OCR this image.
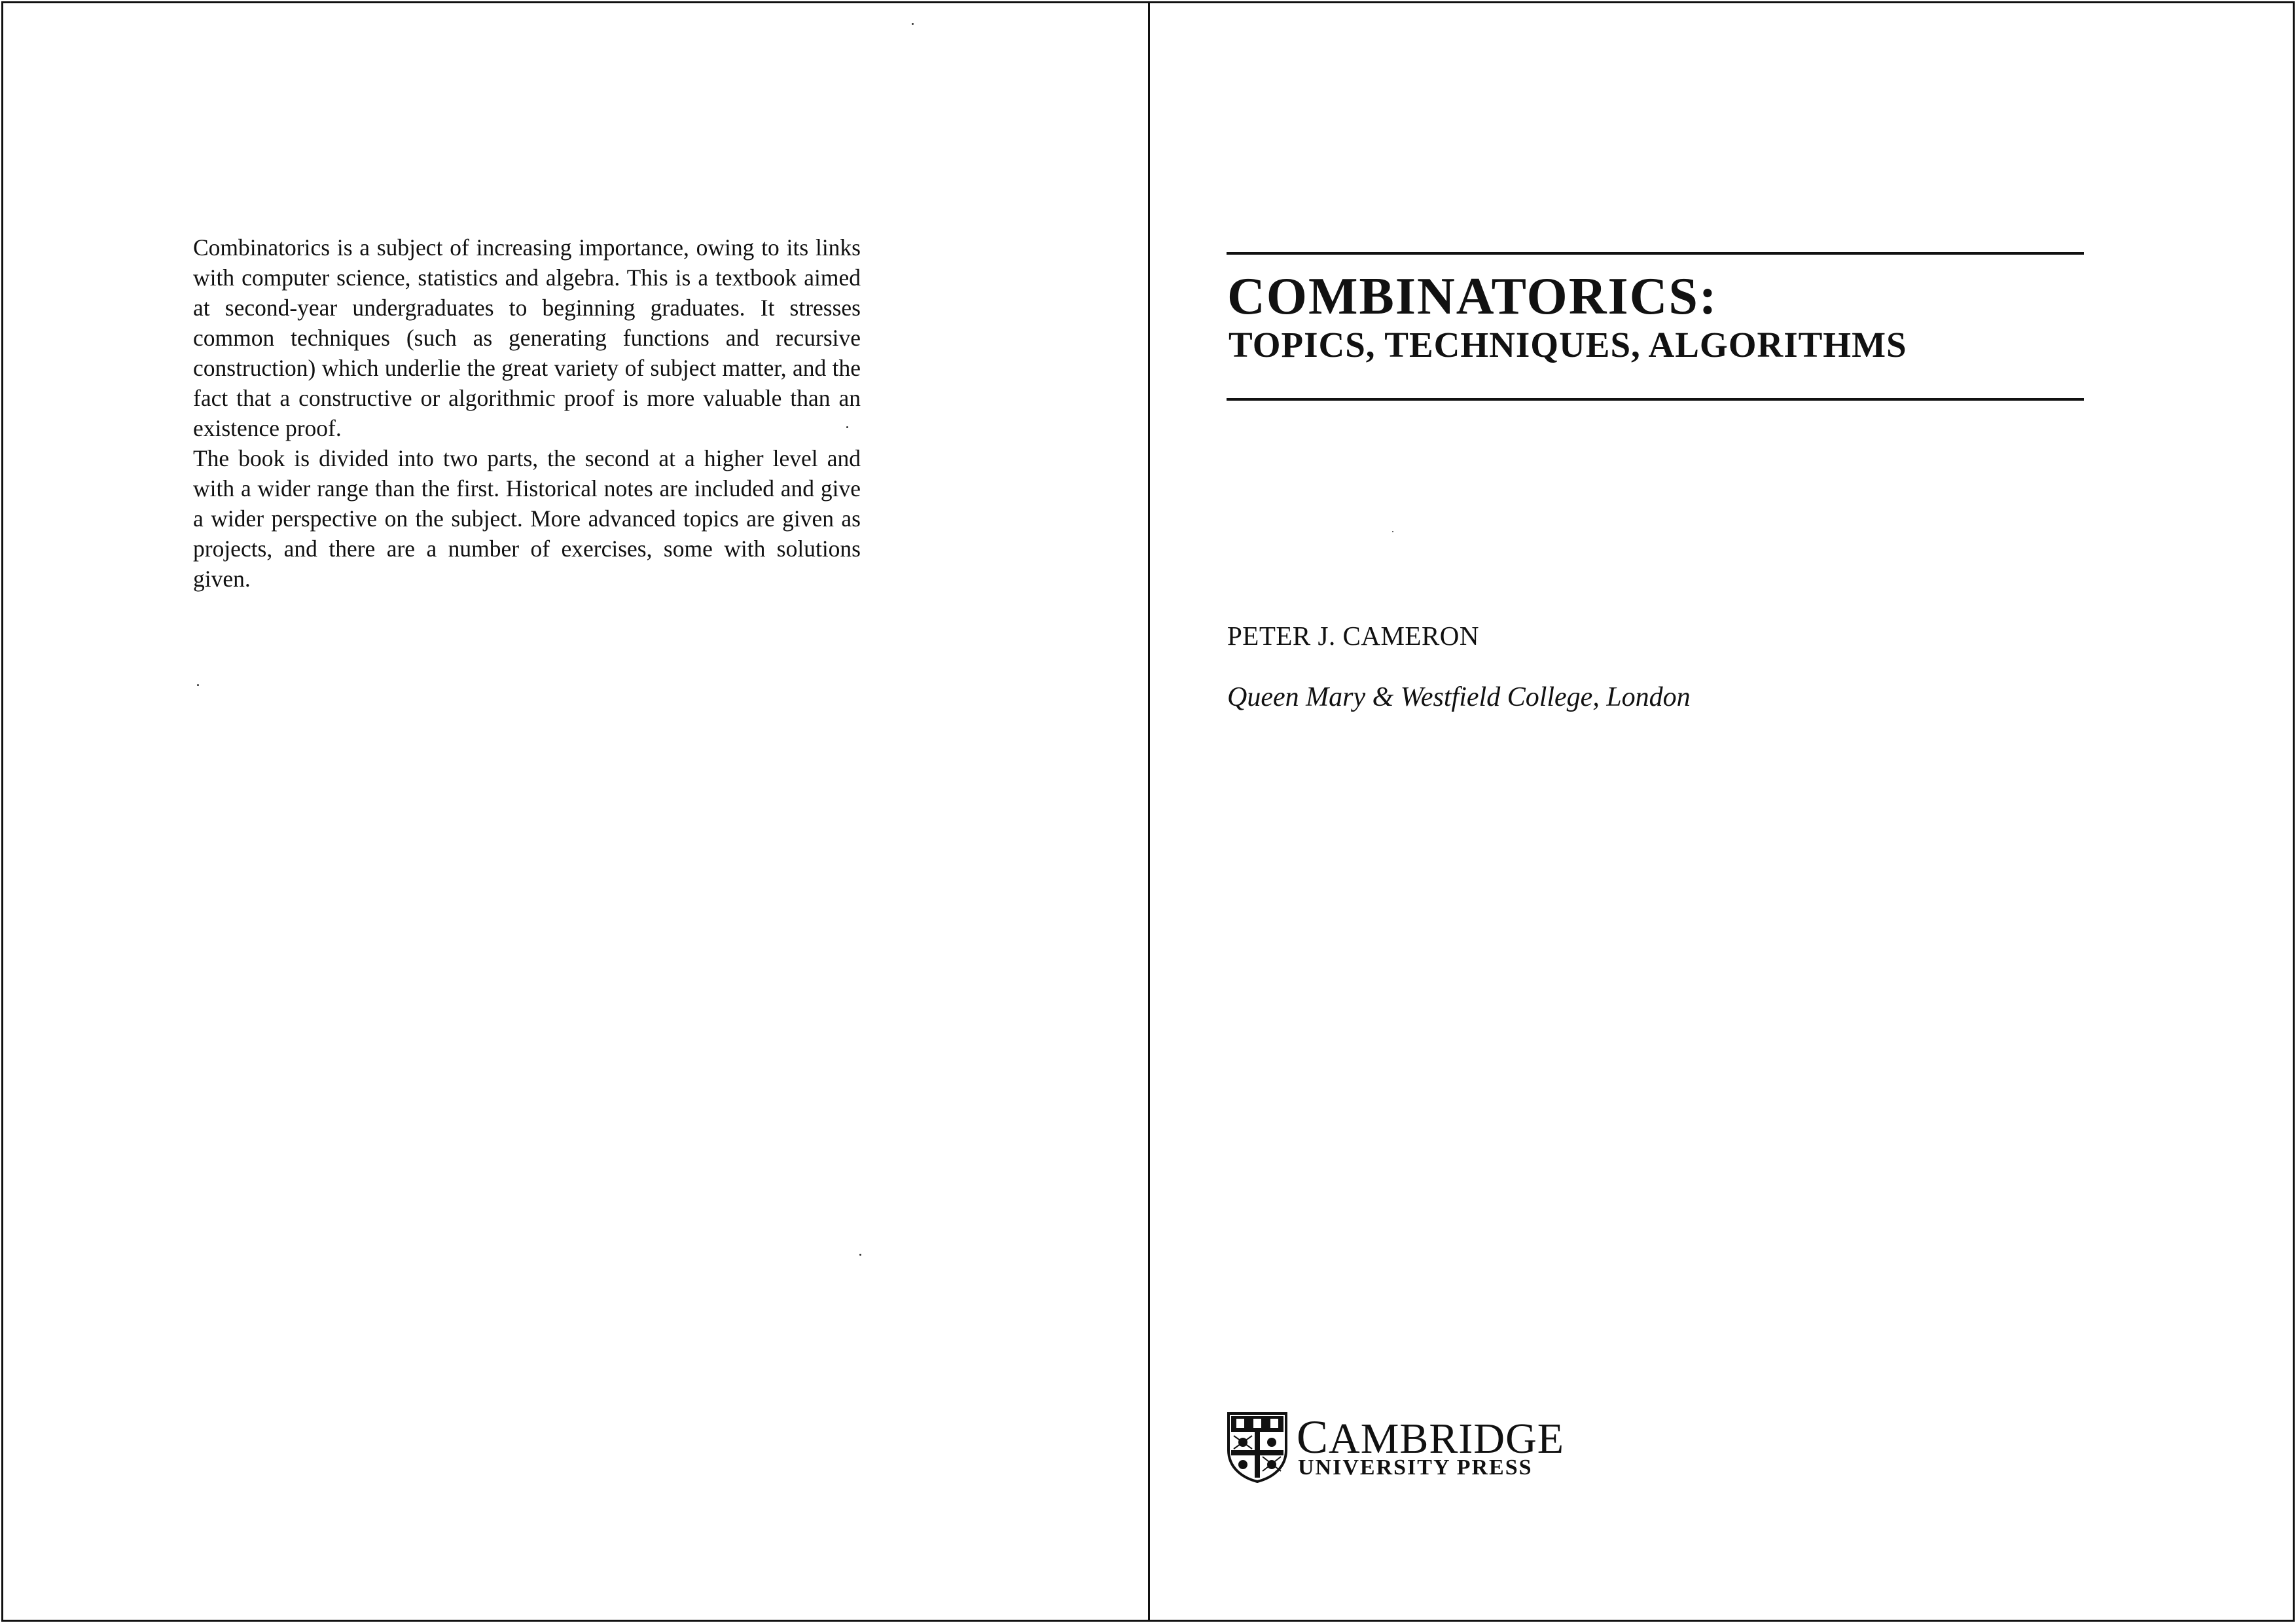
Combinatorics is a subject of increasing importance, owing to its links with computer science, statistics and algebra. This is a textbook aimed at second-year undergraduates to beginning graduates. It stresses common techniques (such as generating functions and recursive construction) which underlie the great variety of subject matter, and the fact that a constructive or algorithmic proof is more valuable than an existence proof.

The book is divided into two parts, the second at a higher level and with a wider range than the first. Historical notes are included and give a wider perspective on the subject. More advanced topics are given as projects, and there are a number of exercises, some with solutions given.

COMBINATORICS:
TOPICS, TECHNIQUES, ALGORITHMS
PETER J. CAMERON
Queen Mary & Westfield College, London
CAMBRIDGE
UNIVERSITY PRESS
